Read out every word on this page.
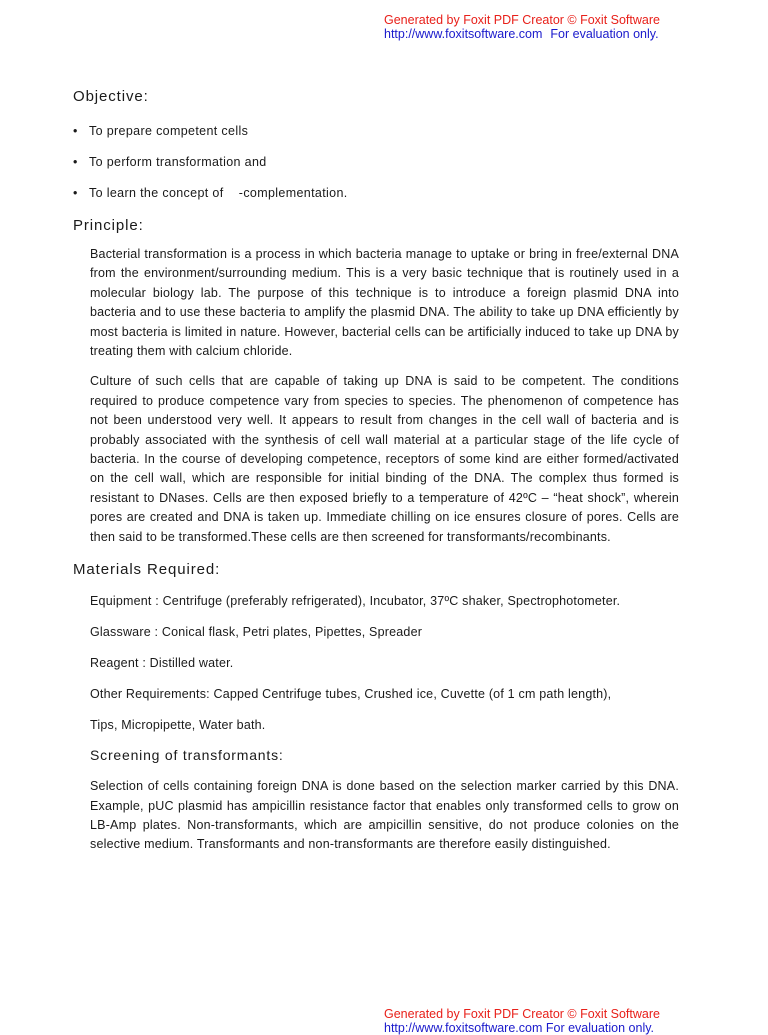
Generated by Foxit PDF Creator © Foxit Software
http://www.foxitsoftware.com For evaluation only.
Objective:
• To prepare competent cells
• To perform transformation and
• To learn the concept of    -complementation.
Principle:

Bacterial transformation is a process in which bacteria manage to uptake or bring in free/external DNA from the environment/surrounding medium. This is a very basic technique that is routinely used in a molecular biology lab. The purpose of this technique is to introduce a foreign plasmid DNA into bacteria and to use these bacteria to amplify the plasmid DNA. The ability to take up DNA efficiently by most bacteria is limited in nature. However, bacterial cells can be artificially induced to take up DNA by treating them with calcium chloride.

Culture of such cells that are capable of taking up DNA is said to be competent. The conditions required to produce competence vary from species to species. The phenomenon of competence has not been understood very well. It appears to result from changes in the cell wall of bacteria and is probably associated with the synthesis of cell wall material at a particular stage of the life cycle of bacteria. In the course of developing competence, receptors of some kind are either formed/activated on the cell wall, which are responsible for initial binding of the DNA. The complex thus formed is resistant to DNases. Cells are then exposed briefly to a temperature of 42ºC – “heat shock”, wherein pores are created and DNA is taken up. Immediate chilling on ice ensures closure of pores. Cells are then said to be transformed.These cells are then screened for transformants/recombinants.

Materials Required:

Equipment : Centrifuge (preferably refrigerated), Incubator, 37ºC shaker, Spectrophotometer.

Glassware : Conical flask, Petri plates, Pipettes, Spreader

Reagent : Distilled water.

Other Requirements: Capped Centrifuge tubes, Crushed ice, Cuvette (of 1 cm path length),

Tips, Micropipette, Water bath.

Screening of transformants:

Selection of cells containing foreign DNA is done based on the selection marker carried by this DNA. Example, pUC plasmid has ampicillin resistance factor that enables only transformed cells to grow on LB-Amp plates. Non-transformants, which are ampicillin sensitive, do not produce colonies on the selective medium. Transformants and non-transformants are therefore easily distinguished.

Generated by Foxit PDF Creator © Foxit Software
http://www.foxitsoftware.com For evaluation only.
